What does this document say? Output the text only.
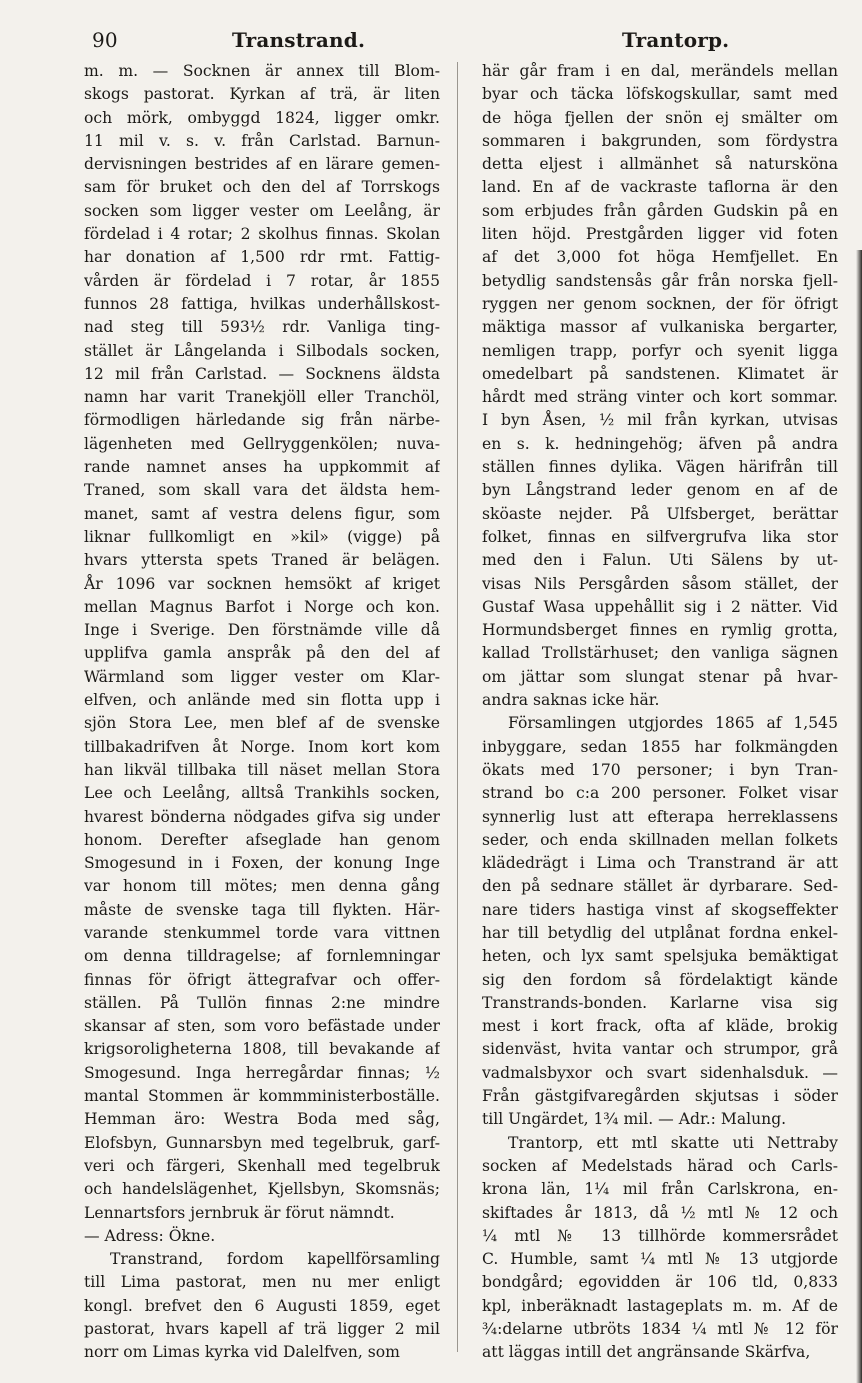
90	Transtrand.	Trantorp.
m. m. — Socknen är annex till Blom-
skogs pastorat. Kyrkan af trä, är liten
och mörk, ombyggd 1824, ligger omkr.
11 mil v. s. v. från Carlstad. Barnun-
dervisningen bestrides af en lärare gemen-
sam för bruket och den del af Torrskogs
socken som ligger vester om Leelång, är
fördelad i 4 rotar; 2 skolhus finnas. Skolan
har donation af 1,500 rdr rmt. Fattig-
vården är fördelad i 7 rotar, år 1855
funnos 28 fattiga, hvilkas underhållskost-
nad steg till 593½ rdr. Vanliga ting-
stället är Långelanda i Silbodals socken,
12 mil från Carlstad. — Socknens äldsta
namn har varit Tranekjöll eller Tranchöl,
förmodligen härledande sig från närbe-
lägenheten med Gellryggenkölen; nuva-
rande namnet anses ha uppkommit af
Traned, som skall vara det äldsta hem-
manet, samt af vestra delens figur, som
liknar fullkomligt en »kil» (vigge) på
hvars yttersta spets Traned är belägen.
År 1096 var socknen hemsökt af kriget
mellan Magnus Barfot i Norge och kon.
Inge i Sverige. Den förstnämde ville då
upplifva gamla anspråk på den del af
Wärmland som ligger vester om Klar-
elfven, och anlände med sin flotta upp i
sjön Stora Lee, men blef af de svenske
tillbakadrifven åt Norge. Inom kort kom
han likväl tillbaka till näset mellan Stora
Lee och Leelång, alltså Trankihls socken,
hvarest bönderna nödgades gifva sig under
honom. Derefter afseglade han genom
Smogesund in i Foxen, der konung Inge
var honom till mötes; men denna gång
måste de svenske taga till flykten. Här-
varande stenkummel torde vara vittnen
om denna tilldragelse; af fornlemningar
finnas för öfrigt ättegrafvar och offer-
ställen. På Tullön finnas 2:ne mindre
skansar af sten, som voro befästade under
krigsoroligheterna 1808, till bevakande af
Smogesund. Inga herregårdar finnas; ½
mantal Stommen är kommministerboställe.
Hemman äro: Westra Boda med såg,
Elofsbyn, Gunnarsbyn med tegelbruk, garf-
veri och färgeri, Skenhall med tegelbruk
och handelslägenhet, Kjellsbyn, Skomsnäs;
Lennartsfors jernbruk är förut nämndt.
— Adress: Ökne.
Transtrand, fordom kapellförsamling
till Lima pastorat, men nu mer enligt
kongl. brefvet den 6 Augusti 1859, eget
pastorat, hvars kapell af trä ligger 2 mil
norr om Limas kyrka vid Dalelfven, som
här går fram i en dal, merändels mellan
byar och täcka löfskogskullar, samt med
de höga fjellen der snön ej smälter om
sommaren i bakgrunden, som fördystra
detta eljest i allmänhet så natursköna
land. En af de vackraste taflorna är den
som erbjudes från gården Gudskin på en
liten höjd. Prestgården ligger vid foten
af det 3,000 fot höga Hemfjellet. En
betydlig sandstensås går från norska fjell-
ryggen ner genom socknen, der för öfrigt
mäktiga massor af vulkaniska bergarter,
nemligen trapp, porfyr och syenit ligga
omedelbart på sandstenen. Klimatet är
hårdt med sträng vinter och kort sommar.
I byn Åsen, ½ mil från kyrkan, utvisas
en s. k. hedningehög; äfven på andra
ställen finnes dylika. Vägen härifrån till
byn Långstrand leder genom en af de
sköaste nejder. På Ulfsberget, berättar
folket, finnas en silfvergrufva lika stor
med den i Falun. Uti Sälens by ut-
visas Nils Persgården såsom stället, der
Gustaf Wasa uppehållit sig i 2 nätter. Vid
Hormundsberget finnes en rymlig grotta,
kallad Trollstärhuset; den vanliga sägnen
om jättar som slungat stenar på hvar-
andra saknas icke här.
Församlingen utgjordes 1865 af 1,545
inbyggare, sedan 1855 har folkmängden
ökats med 170 personer; i byn Tran-
strand bo c:a 200 personer. Folket visar
synnerlig lust att efterapa herreklassens
seder, och enda skillnaden mellan folkets
klädedrägt i Lima och Transtrand är att
den på sednare stället är dyrbarare. Sed-
nare tiders hastiga vinst af skogseffekter
har till betydlig del utplånat fordna enkel-
heten, och lyx samt spelsjuka bemäktigat
sig den fordom så fördelaktigt kände
Transtrands-bonden. Karlarne visa sig
mest i kort frack, ofta af kläde, brokig
sidenväst, hvita vantar och strumpor, grå
vadmalsbyxor och svart sidenhalsduk. —
Från gästgifvaregården skjutsas i söder
till Ungärdet, 1¾ mil. — Adr.: Malung.
Trantorp, ett mtl skatte uti Nettraby
socken af Medelstads härad och Carls-
krona län, 1¼ mil från Carlskrona, en-
skiftades år 1813, då ½ mtl № 12 och
¼ mtl № 13 tillhörde kommersrådet
C. Humble, samt ¼ mtl № 13 utgjorde
bondgård; egovidden är 106 tld, 0,833
kpl, inberäknadt lastageplats m. m. Af de
¾:delarne utbröts 1834 ¼ mtl № 12 för
att läggas intill det angränsande Skärfva,
